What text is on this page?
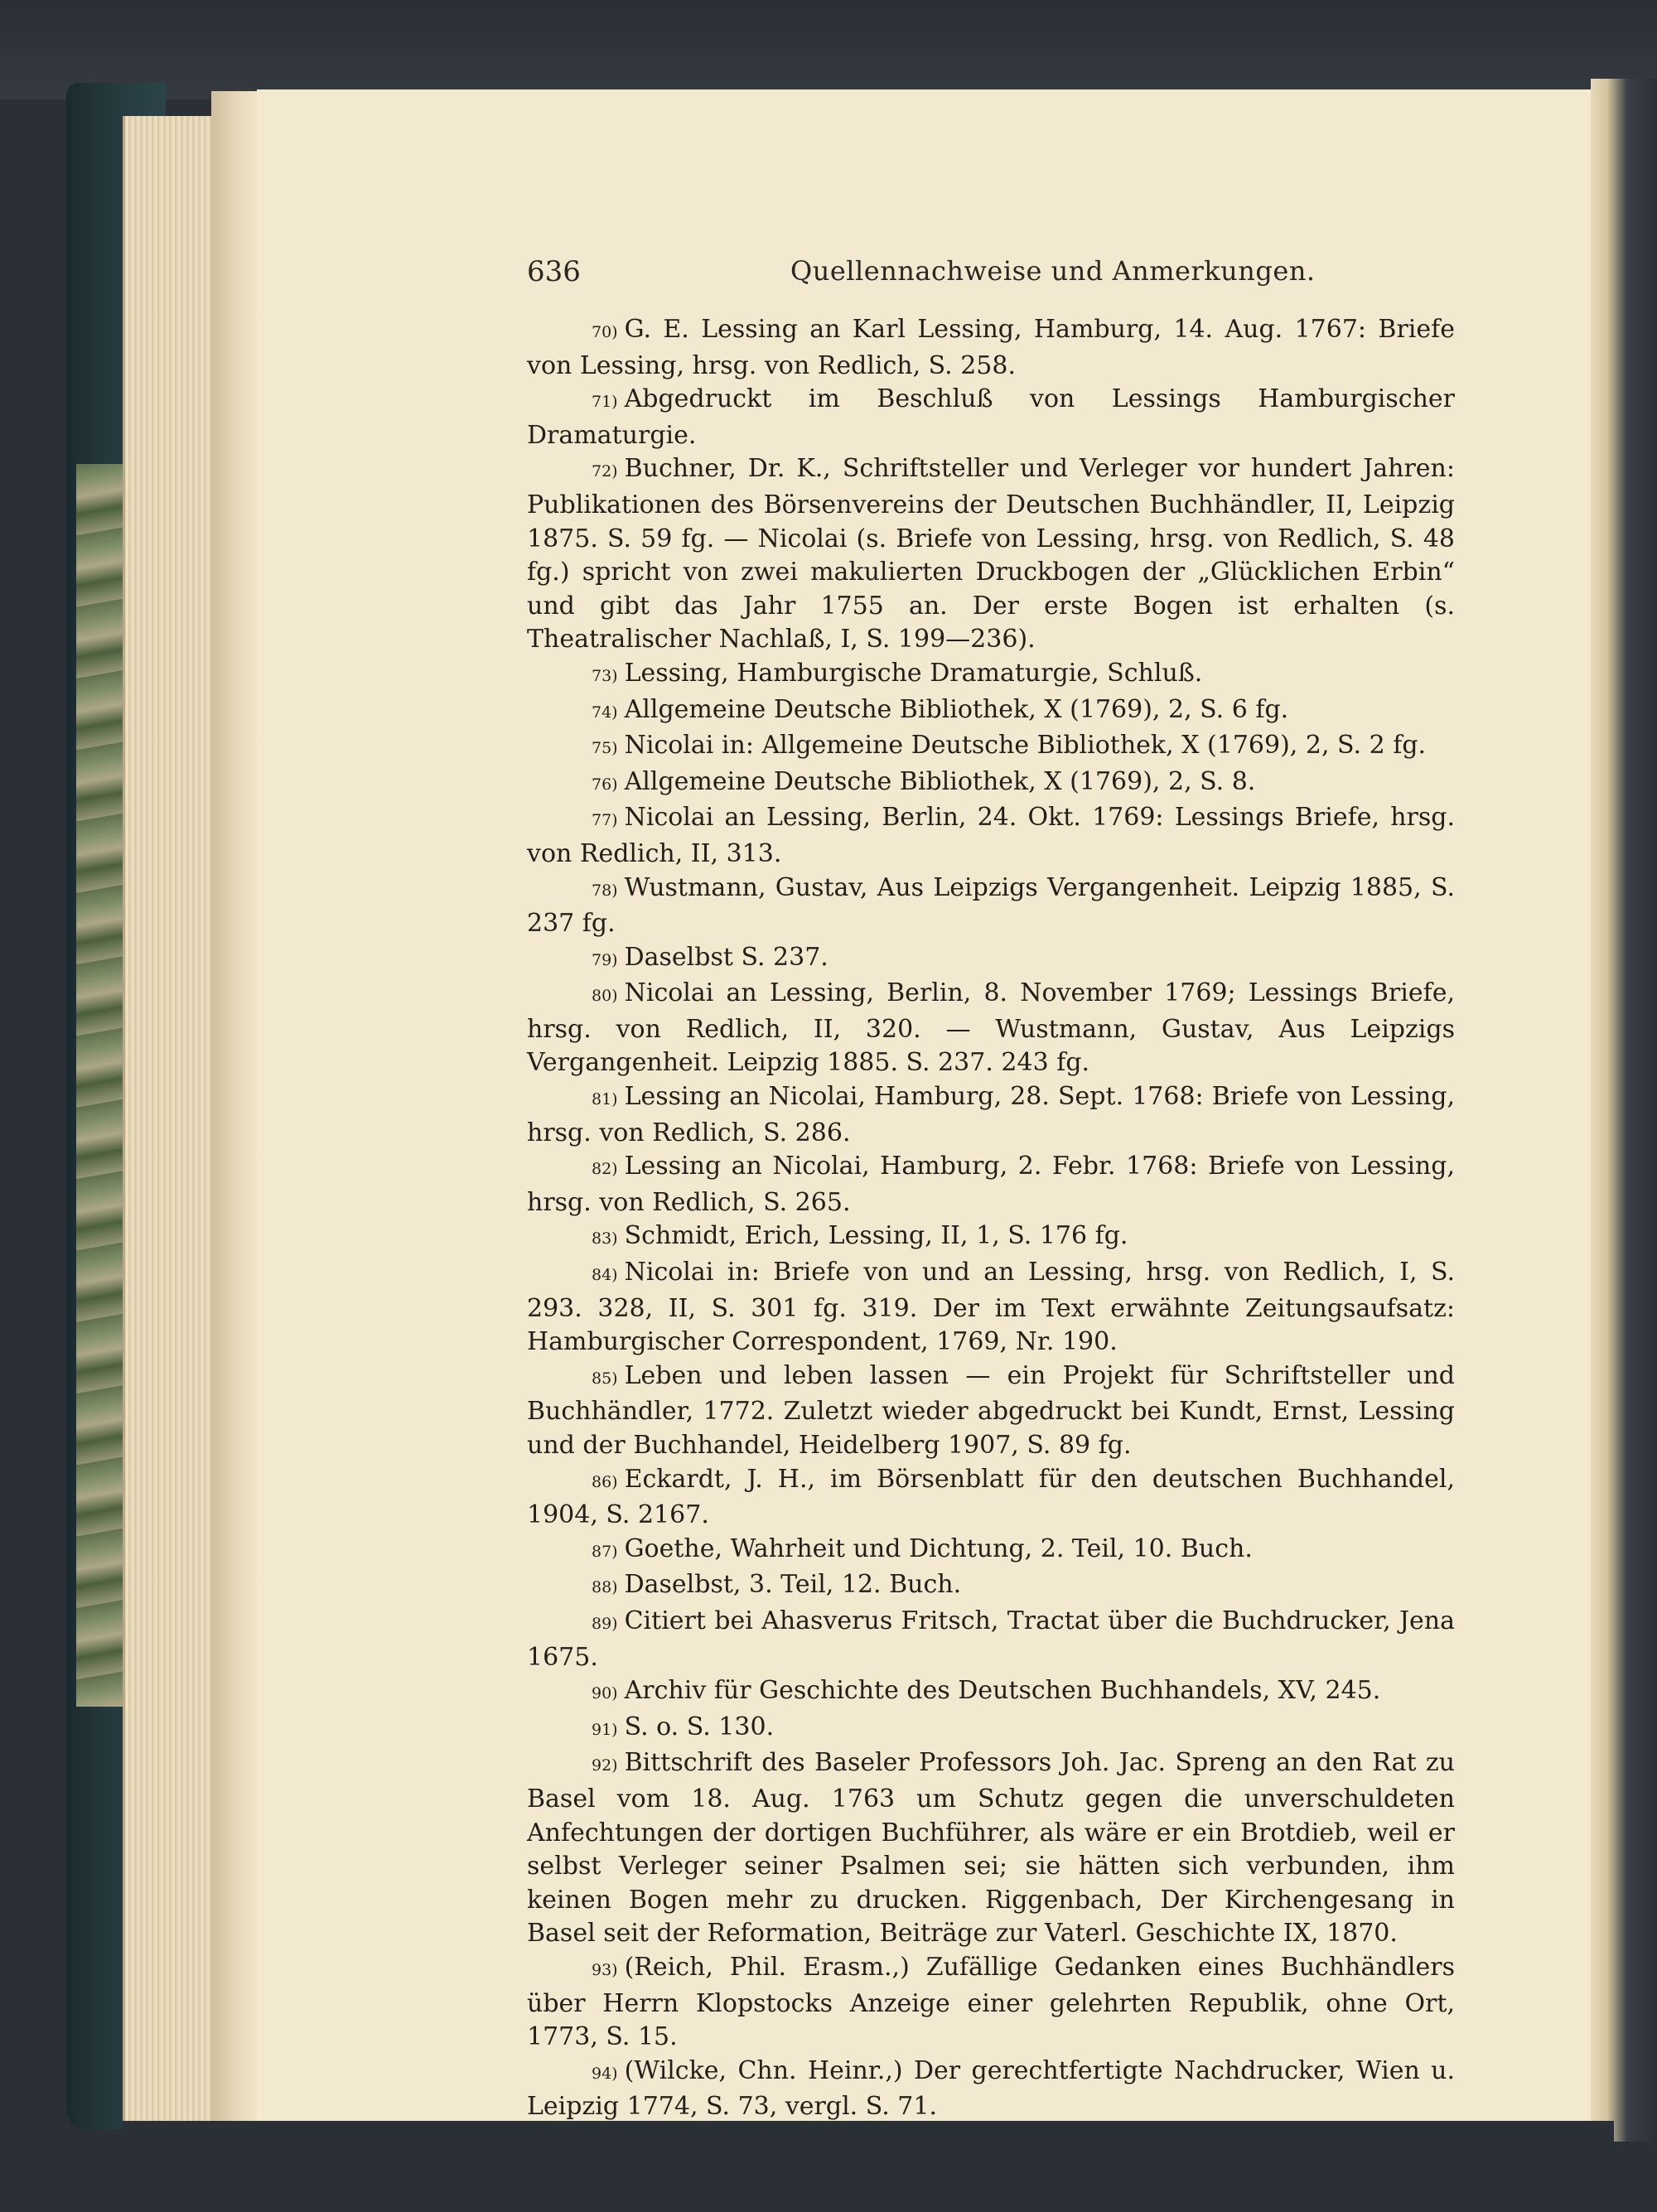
636	Quellennachweise und Anmerkungen.

70) G. E. Lessing an Karl Lessing, Hamburg, 14. Aug. 1767: Briefe von Lessing, hrsg. von Redlich, S. 258.

71) Abgedruckt im Beschluß von Lessings Hamburgischer Dramaturgie.

72) Buchner, Dr. K., Schriftsteller und Verleger vor hundert Jahren: Publikationen des Börsenvereins der Deutschen Buchhändler, II, Leipzig 1875. S. 59 fg. — Nicolai (s. Briefe von Lessing, hrsg. von Redlich, S. 48 fg.) spricht von zwei makulierten Druckbogen der „Glücklichen Erbin“ und gibt das Jahr 1755 an. Der erste Bogen ist erhalten (s. Theatralischer Nachlaß, I, S. 199—236).

73) Lessing, Hamburgische Dramaturgie, Schluß.

74) Allgemeine Deutsche Bibliothek, X (1769), 2, S. 6 fg.

75) Nicolai in: Allgemeine Deutsche Bibliothek, X (1769), 2, S. 2 fg.

76) Allgemeine Deutsche Bibliothek, X (1769), 2, S. 8.

77) Nicolai an Lessing, Berlin, 24. Okt. 1769: Lessings Briefe, hrsg. von Redlich, II, 313.

78) Wustmann, Gustav, Aus Leipzigs Vergangenheit. Leipzig 1885, S. 237 fg.

79) Daselbst S. 237.

80) Nicolai an Lessing, Berlin, 8. November 1769; Lessings Briefe, hrsg. von Redlich, II, 320. — Wustmann, Gustav, Aus Leipzigs Vergangenheit. Leipzig 1885. S. 237. 243 fg.

81) Lessing an Nicolai, Hamburg, 28. Sept. 1768: Briefe von Lessing, hrsg. von Redlich, S. 286.

82) Lessing an Nicolai, Hamburg, 2. Febr. 1768: Briefe von Lessing, hrsg. von Redlich, S. 265.

83) Schmidt, Erich, Lessing, II, 1, S. 176 fg.

84) Nicolai in: Briefe von und an Lessing, hrsg. von Redlich, I, S. 293. 328, II, S. 301 fg. 319. Der im Text erwähnte Zeitungsaufsatz: Hamburgischer Correspondent, 1769, Nr. 190.

85) Leben und leben lassen — ein Projekt für Schriftsteller und Buchhändler, 1772. Zuletzt wieder abgedruckt bei Kundt, Ernst, Lessing und der Buchhandel, Heidelberg 1907, S. 89 fg.

86) Eckardt, J. H., im Börsenblatt für den deutschen Buchhandel, 1904, S. 2167.

87) Goethe, Wahrheit und Dichtung, 2. Teil, 10. Buch.

88) Daselbst, 3. Teil, 12. Buch.

89) Citiert bei Ahasverus Fritsch, Tractat über die Buchdrucker, Jena 1675.

90) Archiv für Geschichte des Deutschen Buchhandels, XV, 245.

91) S. o. S. 130.

92) Bittschrift des Baseler Professors Joh. Jac. Spreng an den Rat zu Basel vom 18. Aug. 1763 um Schutz gegen die unverschuldeten Anfechtungen der dortigen Buchführer, als wäre er ein Brotdieb, weil er selbst Verleger seiner Psalmen sei; sie hätten sich verbunden, ihm keinen Bogen mehr zu drucken. Riggenbach, Der Kirchengesang in Basel seit der Reformation, Beiträge zur Vaterl. Geschichte IX, 1870.

93) (Reich, Phil. Erasm.,) Zufällige Gedanken eines Buchhändlers über Herrn Klopstocks Anzeige einer gelehrten Republik, ohne Ort, 1773, S. 15.

94) (Wilcke, Chn. Heinr.,) Der gerechtfertigte Nachdrucker, Wien u. Leipzig 1774, S. 73, vergl. S. 71.
